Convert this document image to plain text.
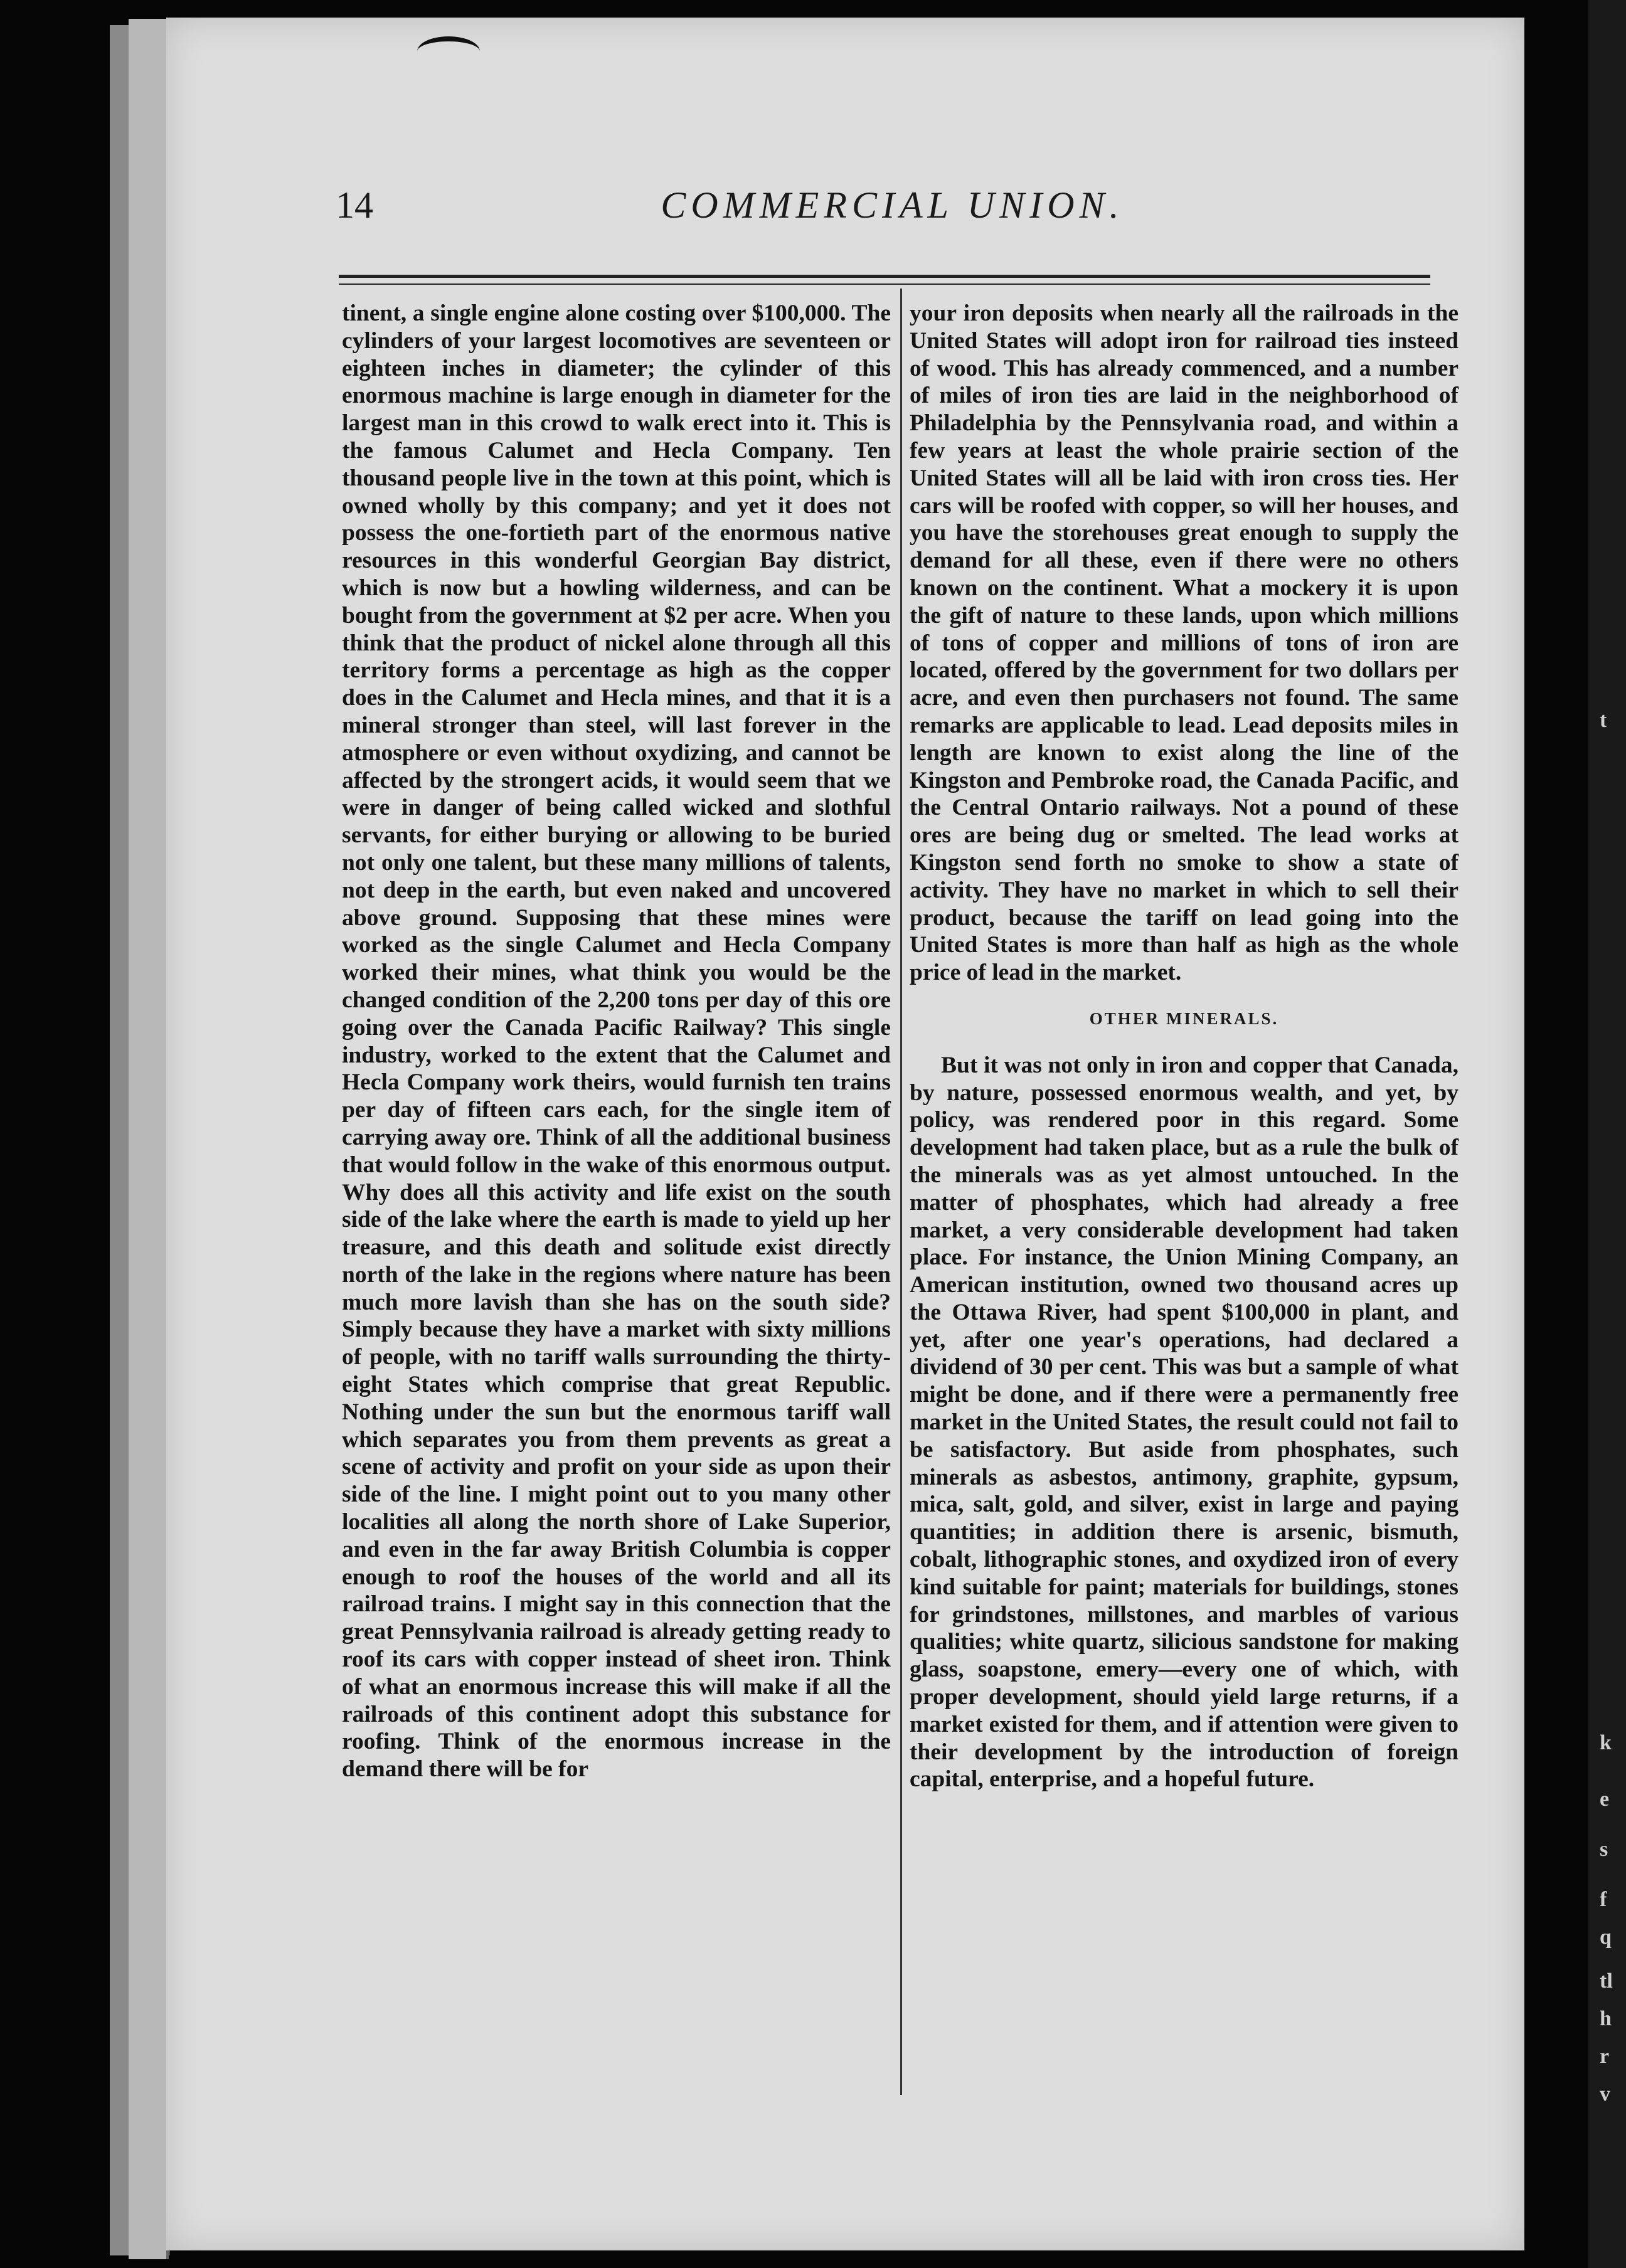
14	COMMERCIAL UNION.

tinent, a single engine alone costing over $100,000. The cylinders of your largest locomotives are seventeen or eighteen inches in diameter; the cylinder of this enormous machine is large enough in diameter for the largest man in this crowd to walk erect into it. This is the famous Calumet and Hecla Company. Ten thousand people live in the town at this point, which is owned wholly by this company; and yet it does not possess the one-fortieth part of the enormous native resources in this wonderful Georgian Bay district, which is now but a howling wilderness, and can be bought from the government at $2 per acre. When you think that the product of nickel alone through all this territory forms a percentage as high as the copper does in the Calumet and Hecla mines, and that it is a mineral stronger than steel, will last forever in the atmosphere or even without oxydizing, and cannot be affected by the strongert acids, it would seem that we were in danger of being called wicked and slothful servants, for either burying or allowing to be buried not only one talent, but these many millions of talents, not deep in the earth, but even naked and uncovered above ground. Supposing that these mines were worked as the single Calumet and Hecla Company worked their mines, what think you would be the changed condition of the 2,200 tons per day of this ore going over the Canada Pacific Railway? This single industry, worked to the extent that the Calumet and Hecla Company work theirs, would furnish ten trains per day of fifteen cars each, for the single item of carrying away ore. Think of all the additional business that would follow in the wake of this enormous output. Why does all this activity and life exist on the south side of the lake where the earth is made to yield up her treasure, and this death and solitude exist directly north of the lake in the regions where nature has been much more lavish than she has on the south side? Simply because they have a market with sixty millions of people, with no tariff walls surrounding the thirty-eight States which comprise that great Republic. Nothing under the sun but the enormous tariff wall which separates you from them prevents as great a scene of activity and profit on your side as upon their side of the line. I might point out to you many other localities all along the north shore of Lake Superior, and even in the far away British Columbia is copper enough to roof the houses of the world and all its railroad trains. I might say in this connection that the great Pennsylvania railroad is already getting ready to roof its cars with copper instead of sheet iron. Think of what an enormous increase this will make if all the railroads of this continent adopt this substance for roofing. Think of the enormous increase in the demand there will be for

your iron deposits when nearly all the railroads in the United States will adopt iron for railroad ties insteed of wood. This has already commenced, and a number of miles of iron ties are laid in the neighborhood of Philadelphia by the Pennsylvania road, and within a few years at least the whole prairie section of the United States will all be laid with iron cross ties. Her cars will be roofed with copper, so will her houses, and you have the storehouses great enough to supply the demand for all these, even if there were no others known on the continent. What a mockery it is upon the gift of nature to these lands, upon which millions of tons of copper and millions of tons of iron are located, offered by the government for two dollars per acre, and even then purchasers not found. The same remarks are applicable to lead. Lead deposits miles in length are known to exist along the line of the Kingston and Pembroke road, the Canada Pacific, and the Central Ontario railways. Not a pound of these ores are being dug or smelted. The lead works at Kingston send forth no smoke to show a state of activity. They have no market in which to sell their product, because the tariff on lead going into the United States is more than half as high as the whole price of lead in the market.

OTHER MINERALS.

But it was not only in iron and copper that Canada, by nature, possessed enormous wealth, and yet, by policy, was rendered poor in this regard. Some development had taken place, but as a rule the bulk of the minerals was as yet almost untouched. In the matter of phosphates, which had already a free market, a very considerable development had taken place. For instance, the Union Mining Company, an American institution, owned two thousand acres up the Ottawa River, had spent $100,000 in plant, and yet, after one year's operations, had declared a dividend of 30 per cent. This was but a sample of what might be done, and if there were a permanently free market in the United States, the result could not fail to be satisfactory. But aside from phosphates, such minerals as asbestos, antimony, graphite, gypsum, mica, salt, gold, and silver, exist in large and paying quantities; in addition there is arsenic, bismuth, cobalt, lithographic stones, and oxydized iron of every kind suitable for paint; materials for buildings, stones for grindstones, millstones, and marbles of various qualities; white quartz, silicious sandstone for making glass, soapstone, emery—every one of which, with proper development, should yield large returns, if a market existed for them, and if attention were given to their development by the introduction of foreign capital, enterprise, and a hopeful future.

t
k
e
s
f
q
tl
h
r
v
